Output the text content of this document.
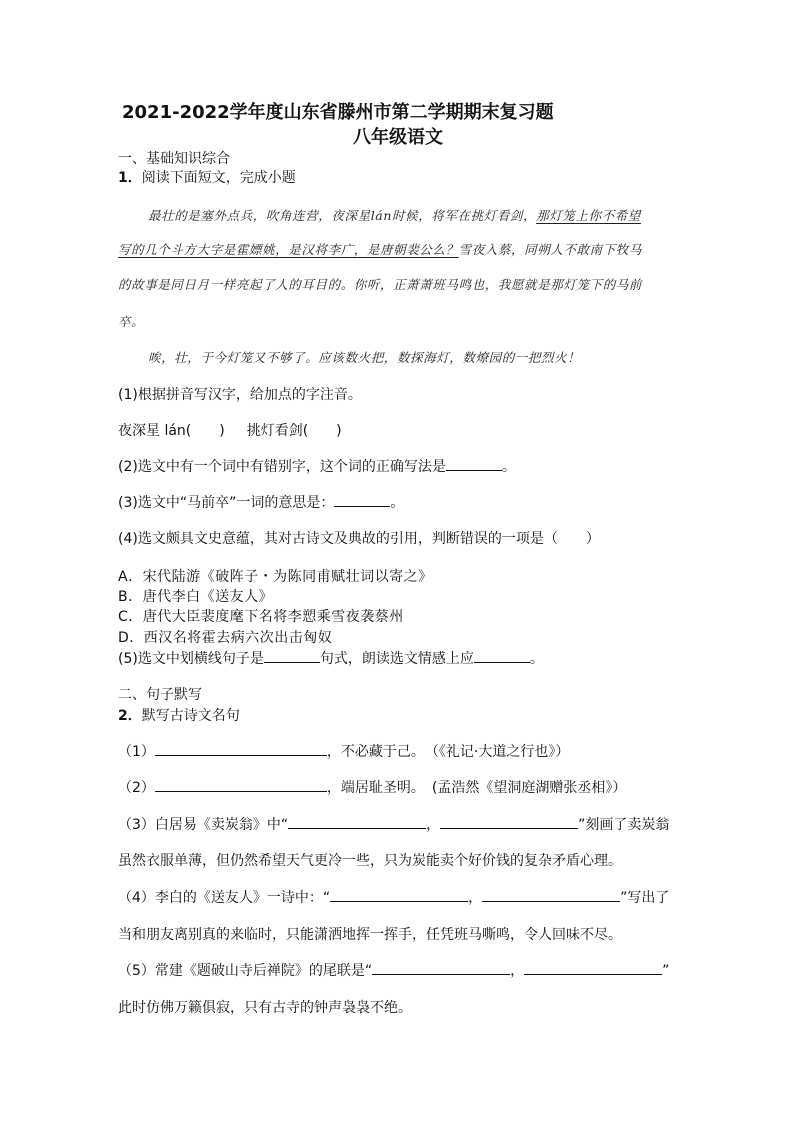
2021-2022学年度山东省滕州市第二学期期末复习题
八年级语文
一、基础知识综合
1．阅读下面短文，完成小题
最壮的是塞外点兵，吹角连营，夜深星lán时候，将军在挑灯看剑，那灯笼上你不希望
写的几个斗方大字是霍嫖姚，是汉将李广，是唐朝裴公么？雪夜入蔡，同朔人不敢南下牧马
的故事是同日月一样亮起了人的耳目的。你听，正萧萧班马鸣也，我愿就是那灯笼下的马前
卒。
唉，壮，于今灯笼又不够了。应该数火把，数探海灯，数燎园的一把烈火！
(1)根据拼音写汉字，给加点的字注音。
夜深星 lán(　　) 挑灯看剑(　　)
(2)选文中有一个词中有错别字，这个词的正确写法是	。
(3)选文中“马前卒”一词的意思是：	。
(4)选文颇具文史意蕴，其对古诗文及典故的引用，判断错误的一项是（　　）
A．宋代陆游《破阵子・为陈同甫赋壮词以寄之》
B．唐代李白《送友人》
C．唐代大臣裴度麾下名将李愬乘雪夜袭蔡州
D．西汉名将霍去病六次出击匈奴
(5)选文中划横线句子是	句式，朗读选文情感上应	。
二、句子默写
2．默写古诗文名句
（1）	，不必藏于己。　（《礼记·大道之行也》）
（2）	，端居耻圣明。　(孟浩然《望洞庭湖赠张丞相》）
（3）白居易《卖炭翁》中“	，	”刻画了卖炭翁
虽然衣服单薄，但仍然希望天气更冷一些，只为炭能卖个好价钱的复杂矛盾心理。
（4）李白的《送友人》一诗中：“	，	”写出了
当和朋友离别真的来临时，只能潇洒地挥一挥手，任凭班马嘶鸣，令人回味不尽。
（5）常建《题破山寺后禅院》的尾联是“	，	”
此时仿佛万籁俱寂，只有古寺的钟声袅袅不绝。
